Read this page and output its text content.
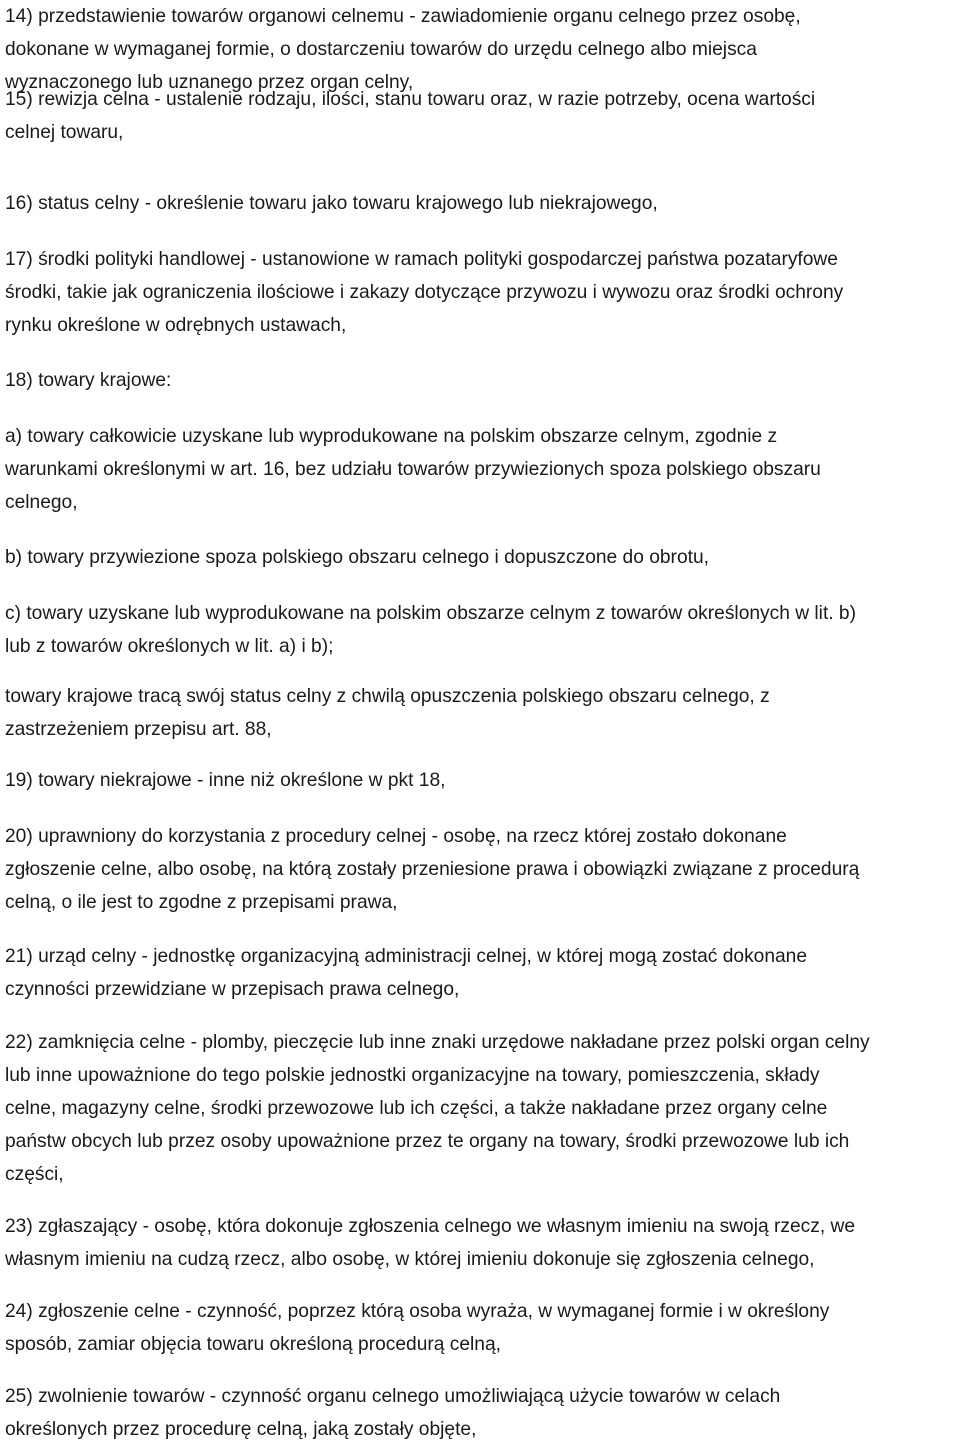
14) przedstawienie towarów organowi celnemu - zawiadomienie organu celnego przez osobę,
dokonane w wymaganej formie, o dostarczeniu towarów do urzędu celnego albo miejsca
wyznaczonego lub uznanego przez organ celny,
15) rewizja celna - ustalenie rodzaju, ilości, stanu towaru oraz, w razie potrzeby, ocena wartości
celnej towaru,
16) status celny - określenie towaru jako towaru krajowego lub niekrajowego,
17) środki polityki handlowej - ustanowione w ramach polityki gospodarczej państwa pozataryfowe
środki, takie jak ograniczenia ilościowe i zakazy dotyczące przywozu i wywozu oraz środki ochrony
rynku określone w odrębnych ustawach,
18) towary krajowe:
a) towary całkowicie uzyskane lub wyprodukowane na polskim obszarze celnym, zgodnie z
warunkami określonymi w art. 16, bez udziału towarów przywiezionych spoza polskiego obszaru
celnego,
b) towary przywiezione spoza polskiego obszaru celnego i dopuszczone do obrotu,
c) towary uzyskane lub wyprodukowane na polskim obszarze celnym z towarów określonych w lit. b)
lub z towarów określonych w lit. a) i b);
towary krajowe tracą swój status celny z chwilą opuszczenia polskiego obszaru celnego, z
zastrzeżeniem przepisu art. 88,
19) towary niekrajowe - inne niż określone w pkt 18,
20) uprawniony do korzystania z procedury celnej - osobę, na rzecz której zostało dokonane
zgłoszenie celne, albo osobę, na którą zostały przeniesione prawa i obowiązki związane z procedurą
celną, o ile jest to zgodne z przepisami prawa,
21) urząd celny - jednostkę organizacyjną administracji celnej, w której mogą zostać dokonane
czynności przewidziane w przepisach prawa celnego,
22) zamknięcia celne - plomby, pieczęcie lub inne znaki urzędowe nakładane przez polski organ celny
lub inne upoważnione do tego polskie jednostki organizacyjne na towary, pomieszczenia, składy
celne, magazyny celne, środki przewozowe lub ich części, a także nakładane przez organy celne
państw obcych lub przez osoby upoważnione przez te organy na towary, środki przewozowe lub ich
części,
23) zgłaszający - osobę, która dokonuje zgłoszenia celnego we własnym imieniu na swoją rzecz, we
własnym imieniu na cudzą rzecz, albo osobę, w której imieniu dokonuje się zgłoszenia celnego,
24) zgłoszenie celne - czynność, poprzez którą osoba wyraża, w wymaganej formie i w określony
sposób, zamiar objęcia towaru określoną procedurą celną,
25) zwolnienie towarów - czynność organu celnego umożliwiającą użycie towarów w celach
określonych przez procedurę celną, jaką zostały objęte,
